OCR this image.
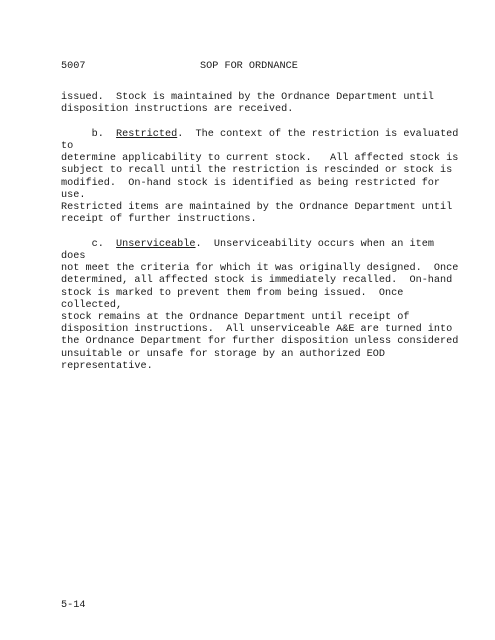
5007	SOP FOR ORDNANCE

issued.  Stock is maintained by the Ordnance Department until
disposition instructions are received.

b.  Restricted.  The context of the restriction is evaluated to
determine applicability to current stock.   All affected stock is
subject to recall until the restriction is rescinded or stock is
modified.  On-hand stock is identified as being restricted for use.
Restricted items are maintained by the Ordnance Department until
receipt of further instructions.

c.  Unserviceable.  Unserviceability occurs when an item does
not meet the criteria for which it was originally designed.  Once
determined, all affected stock is immediately recalled.  On-hand
stock is marked to prevent them from being issued.  Once collected,
stock remains at the Ordnance Department until receipt of
disposition instructions.  All unserviceable A&E are turned into
the Ordnance Department for further disposition unless considered
unsuitable or unsafe for storage by an authorized EOD
representative.

5-14
